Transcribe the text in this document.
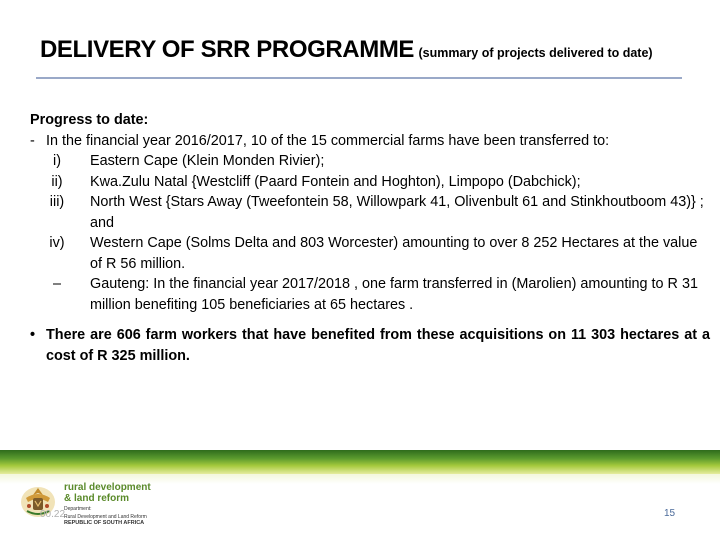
DELIVERY OF SRR PROGRAMME (summary of projects delivered to date)
Progress to date:
- In the financial year 2016/2017, 10 of the 15 commercial farms have been transferred to:
i)	Eastern Cape (Klein Monden Rivier);
ii)	Kwa.Zulu Natal {Westcliff (Paard Fontein and Hoghton), Limpopo (Dabchick);
iii)	North West {Stars Away (Tweefontein 58, Willowpark 41, Olivenbult 61 and Stinkhoutboom 43)} ; and
iv)	Western Cape (Solms Delta and 803 Worcester) amounting to over 8 252 Hectares at the value of R 56 million.
–	Gauteng: In the financial year 2017/2018 , one farm transferred in (Marolien) amounting to R 31 million benefiting 105 beneficiaries at 65 hectares .
• There are 606 farm workers that have benefited from these acquisitions on 11 303 hectares at a cost of R 325 million.
rural development
& land reform
Department:
Rural Development and Land Reform
REPUBLIC OF SOUTH AFRICA
00.22	15
